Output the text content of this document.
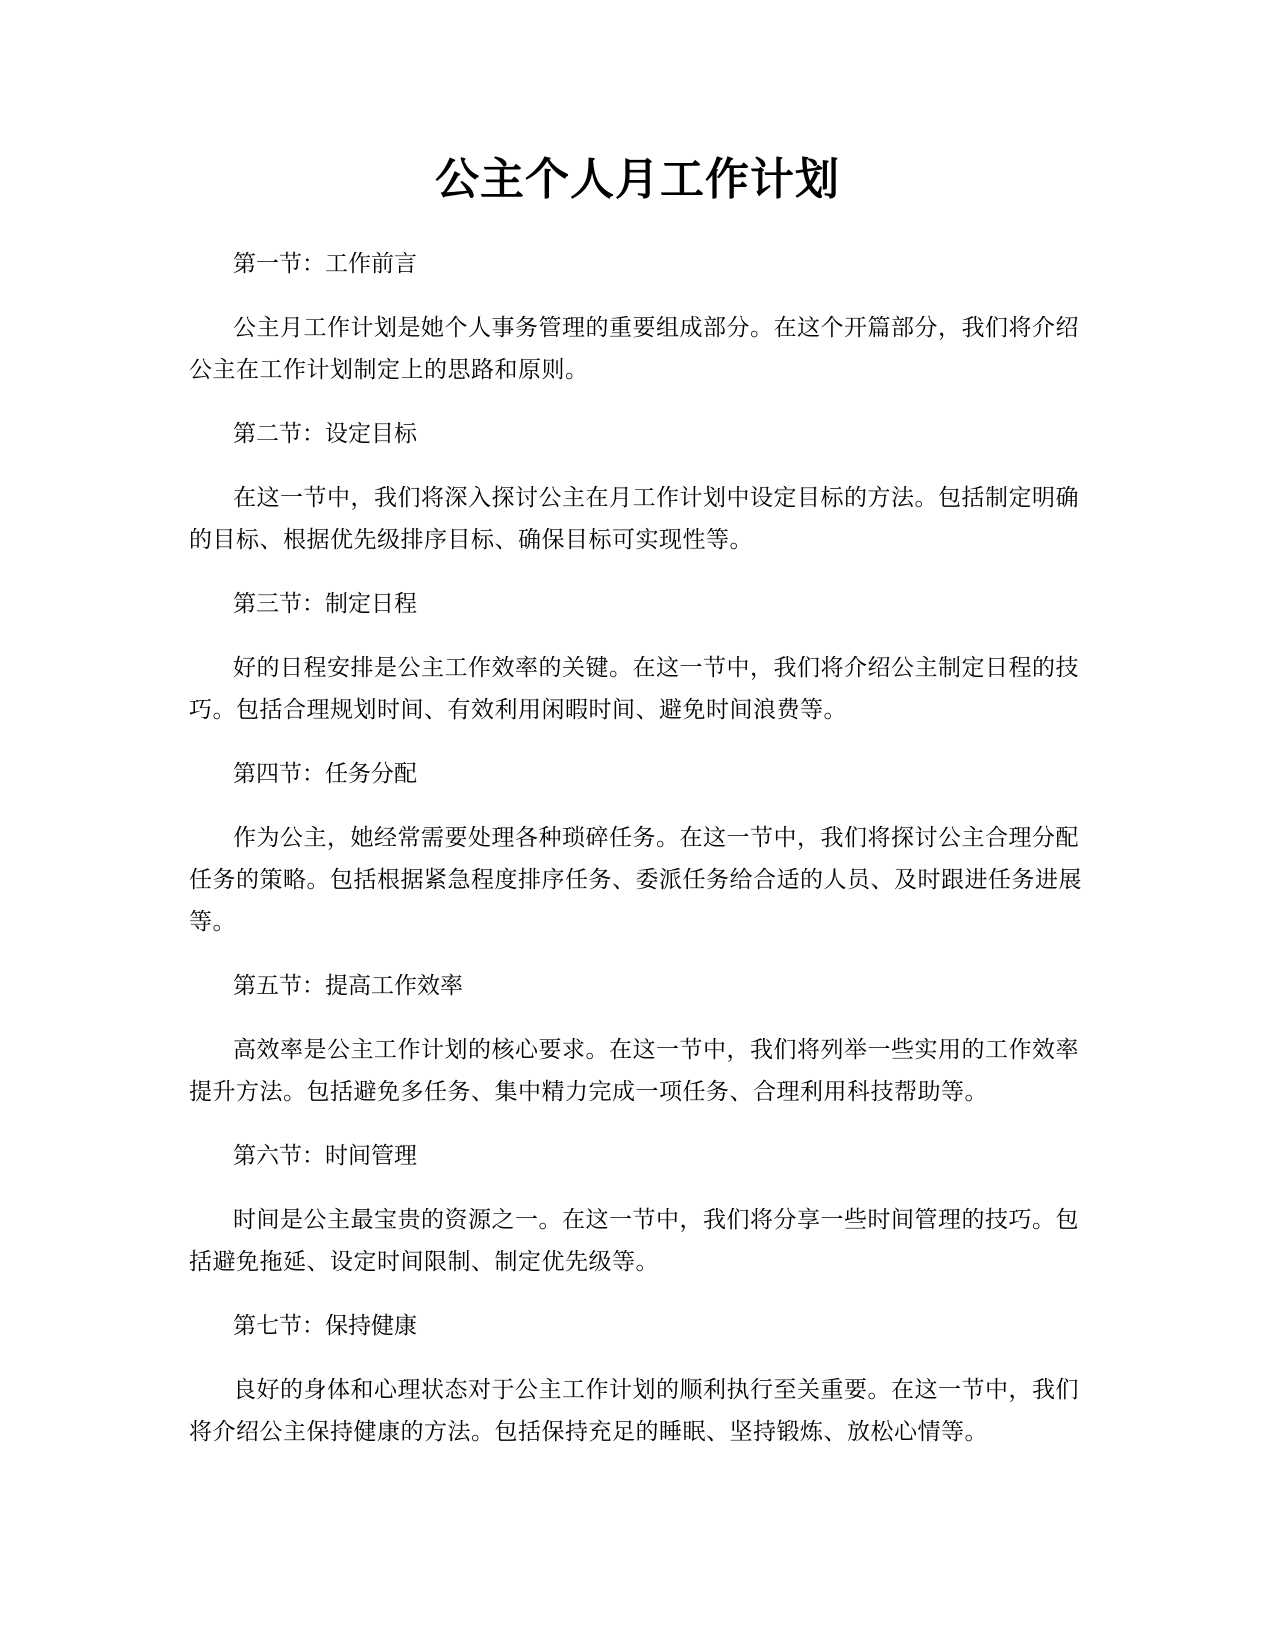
公主个人月工作计划

第一节：工作前言

公主月工作计划是她个人事务管理的重要组成部分。在这个开篇部分，我们将介绍公主在工作计划制定上的思路和原则。

第二节：设定目标

在这一节中，我们将深入探讨公主在月工作计划中设定目标的方法。包括制定明确的目标、根据优先级排序目标、确保目标可实现性等。

第三节：制定日程

好的日程安排是公主工作效率的关键。在这一节中，我们将介绍公主制定日程的技巧。包括合理规划时间、有效利用闲暇时间、避免时间浪费等。

第四节：任务分配

作为公主，她经常需要处理各种琐碎任务。在这一节中，我们将探讨公主合理分配任务的策略。包括根据紧急程度排序任务、委派任务给合适的人员、及时跟进任务进展等。

第五节：提高工作效率

高效率是公主工作计划的核心要求。在这一节中，我们将列举一些实用的工作效率提升方法。包括避免多任务、集中精力完成一项任务、合理利用科技帮助等。

第六节：时间管理

时间是公主最宝贵的资源之一。在这一节中，我们将分享一些时间管理的技巧。包括避免拖延、设定时间限制、制定优先级等。

第七节：保持健康

良好的身体和心理状态对于公主工作计划的顺利执行至关重要。在这一节中，我们将介绍公主保持健康的方法。包括保持充足的睡眠、坚持锻炼、放松心情等。
